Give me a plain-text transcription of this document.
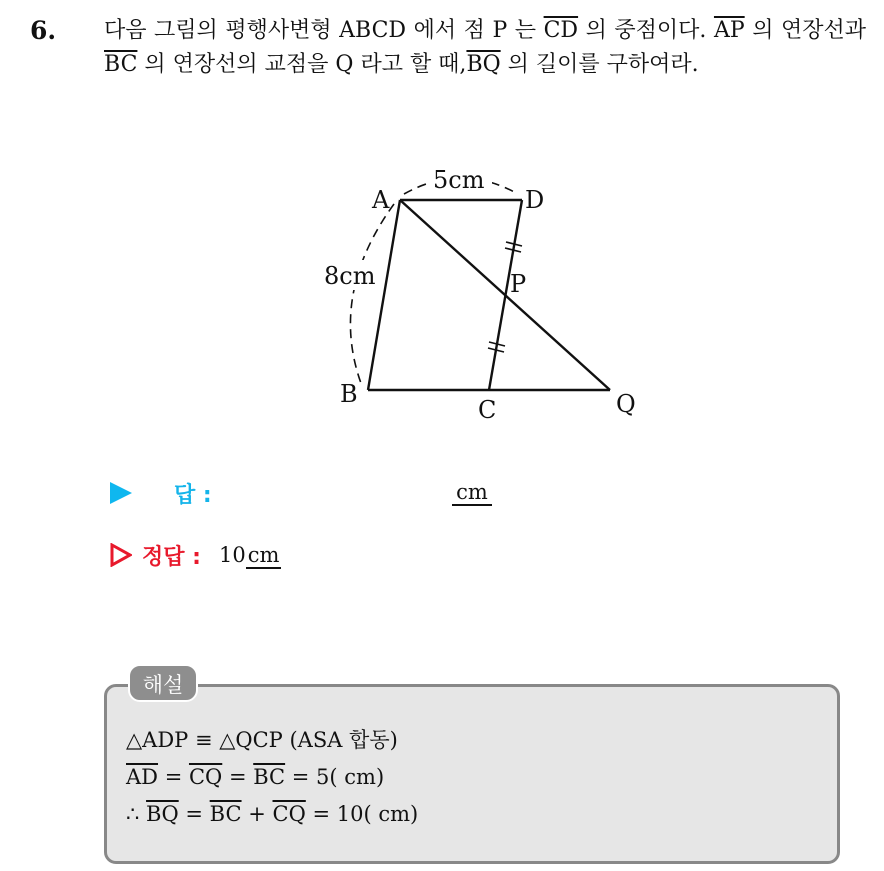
6. 다음 그림의 평행사변형 ABCD 에서 점 P 는 $\overline{CD}$ 의 중점이다. $\overline{AP}$ 의 연장선과 $\overline{BC}$ 의 연장선의 교점을 Q 라고 할 때$,\overline{BQ}$ 의 길이를 구하여라.
A	D
B
C
P
Q
5cm
8cm
답 :	cm
정답 : 10cm
해설
△ADP ≡ △QCP (ASA 합동)
$\overline{AD} = \overline{CQ} = \overline{BC} = 5$( cm)
∴ $\overline{BQ} = \overline{BC} + \overline{CQ} = 10$( cm)
